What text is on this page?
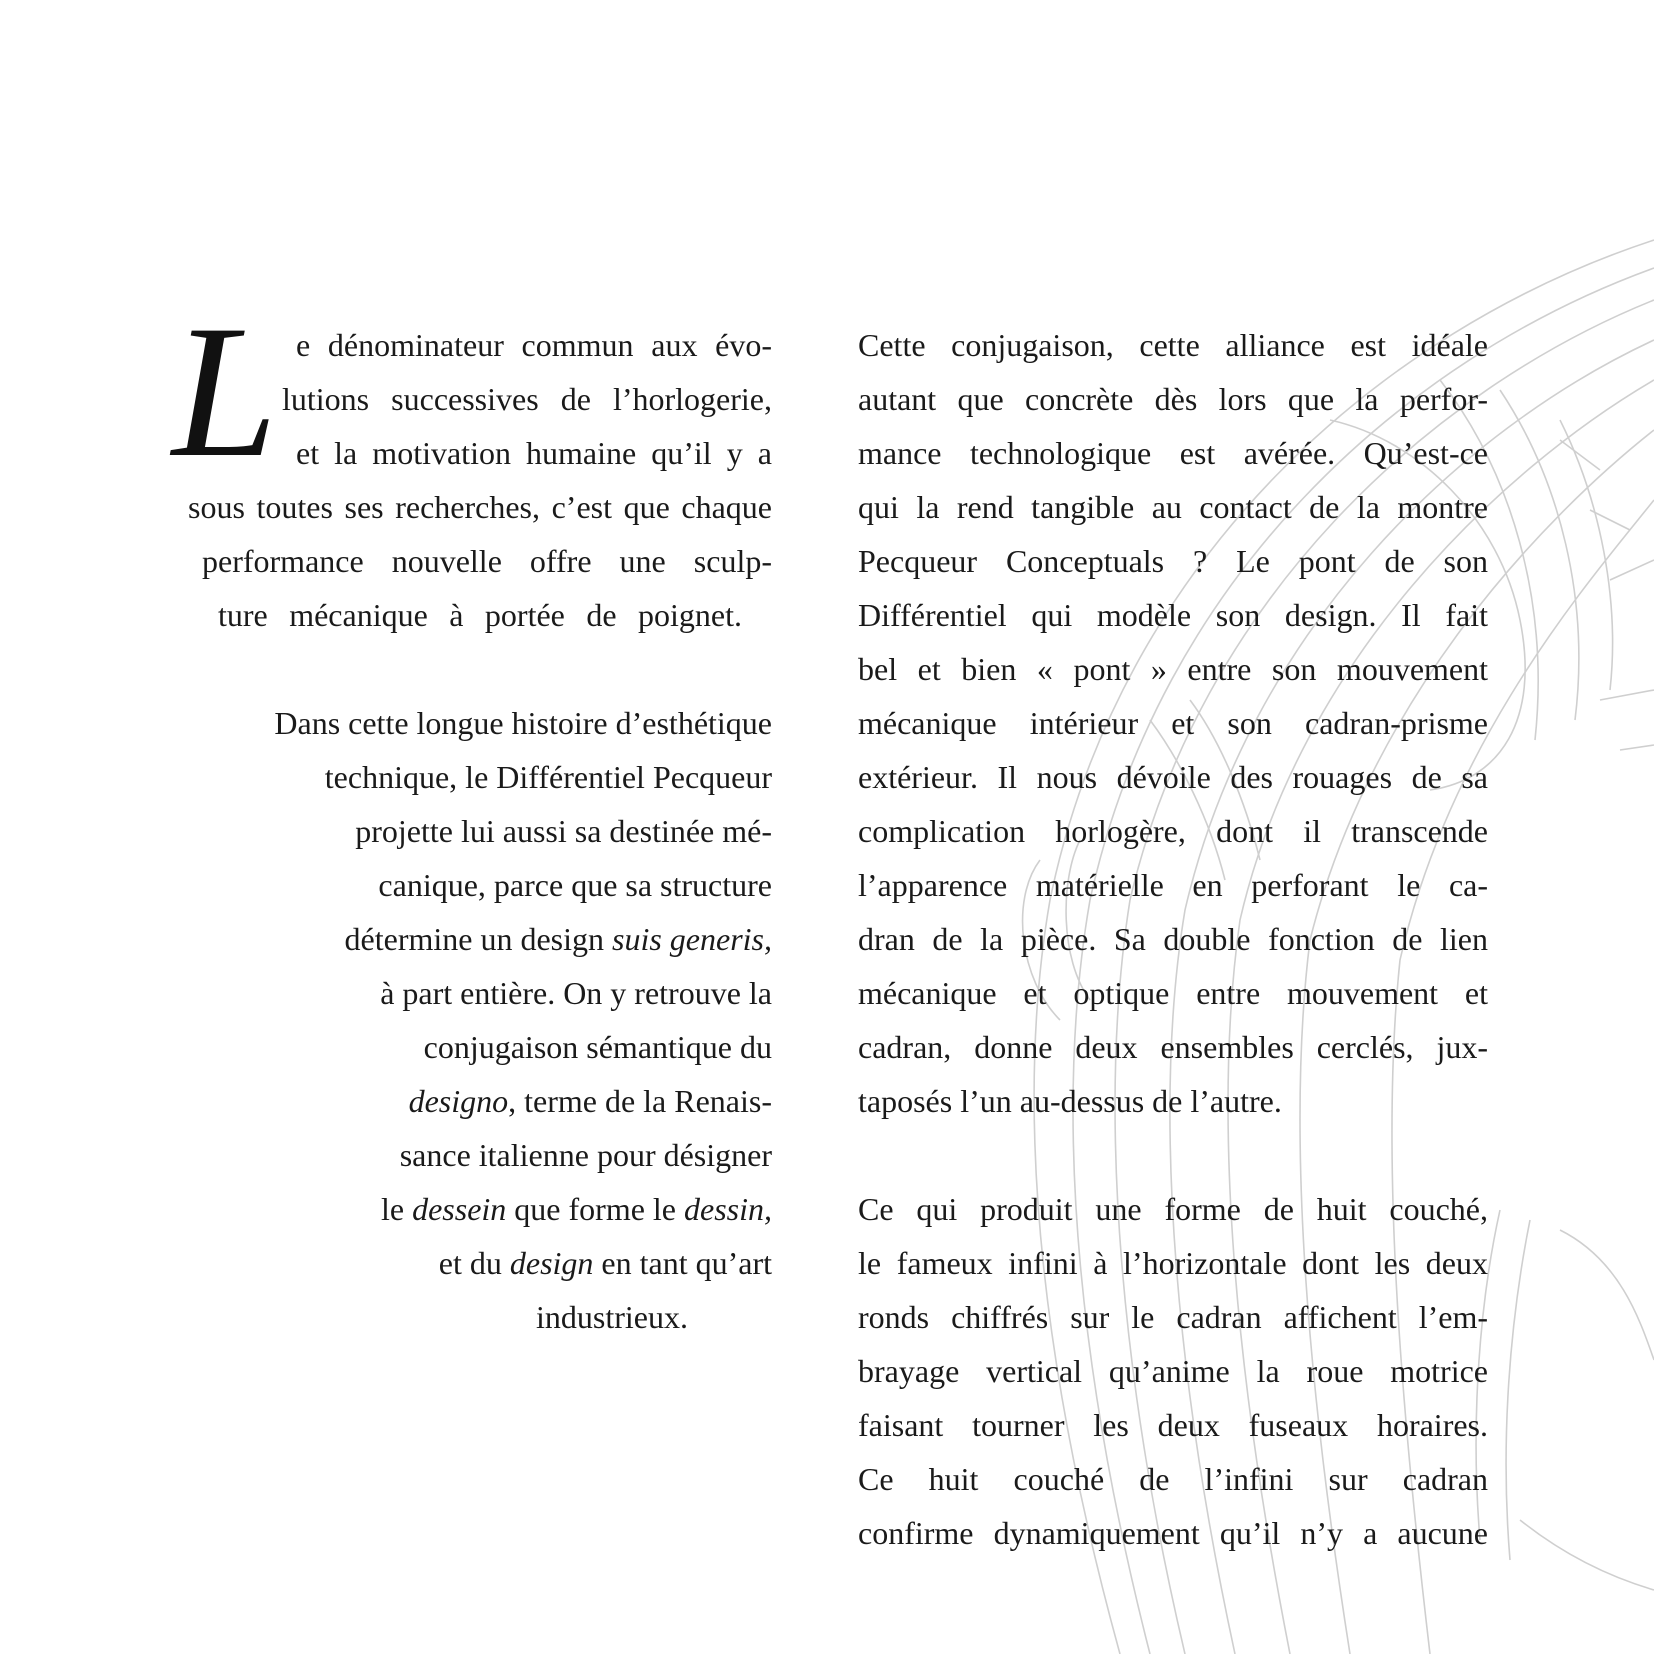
L e dénominateur commun aux évo-
lutions successives de l’horlogerie,
et la motivation humaine qu’il y a
sous toutes ses recherches, c’est que chaque
performance nouvelle offre une sculp-
ture mécanique à portée de poignet.
Dans cette longue histoire d’esthétique
technique, le Différentiel Pecqueur
projette lui aussi sa destinée mé-
canique, parce que sa structure
détermine un design suis generis,
à part entière. On y retrouve la
conjugaison sémantique du
designo, terme de la Renais-
sance italienne pour désigner
le dessein que forme le dessin,
et du design en tant qu’art
industrieux.
Cette conjugaison, cette alliance est idéale
autant que concrète dès lors que la perfor-
mance technologique est avérée. Qu’est-ce
qui la rend tangible au contact de la montre
Pecqueur Conceptuals ? Le pont de son
Différentiel qui modèle son design. Il fait
bel et bien « pont » entre son mouvement
mécanique intérieur et son cadran-prisme
extérieur. Il nous dévoile des rouages de sa
complication horlogère, dont il transcende
l’apparence matérielle en perforant le ca-
dran de la pièce. Sa double fonction de lien
mécanique et optique entre mouvement et
cadran, donne deux ensembles cerclés, jux-
taposés l’un au-dessus de l’autre.
Ce qui produit une forme de huit couché,
le fameux infini à l’horizontale dont les deux
ronds chiffrés sur le cadran affichent l’em-
brayage vertical qu’anime la roue motrice
faisant tourner les deux fuseaux horaires.
Ce huit couché de l’infini sur cadran
confirme dynamiquement qu’il n’y a aucune
